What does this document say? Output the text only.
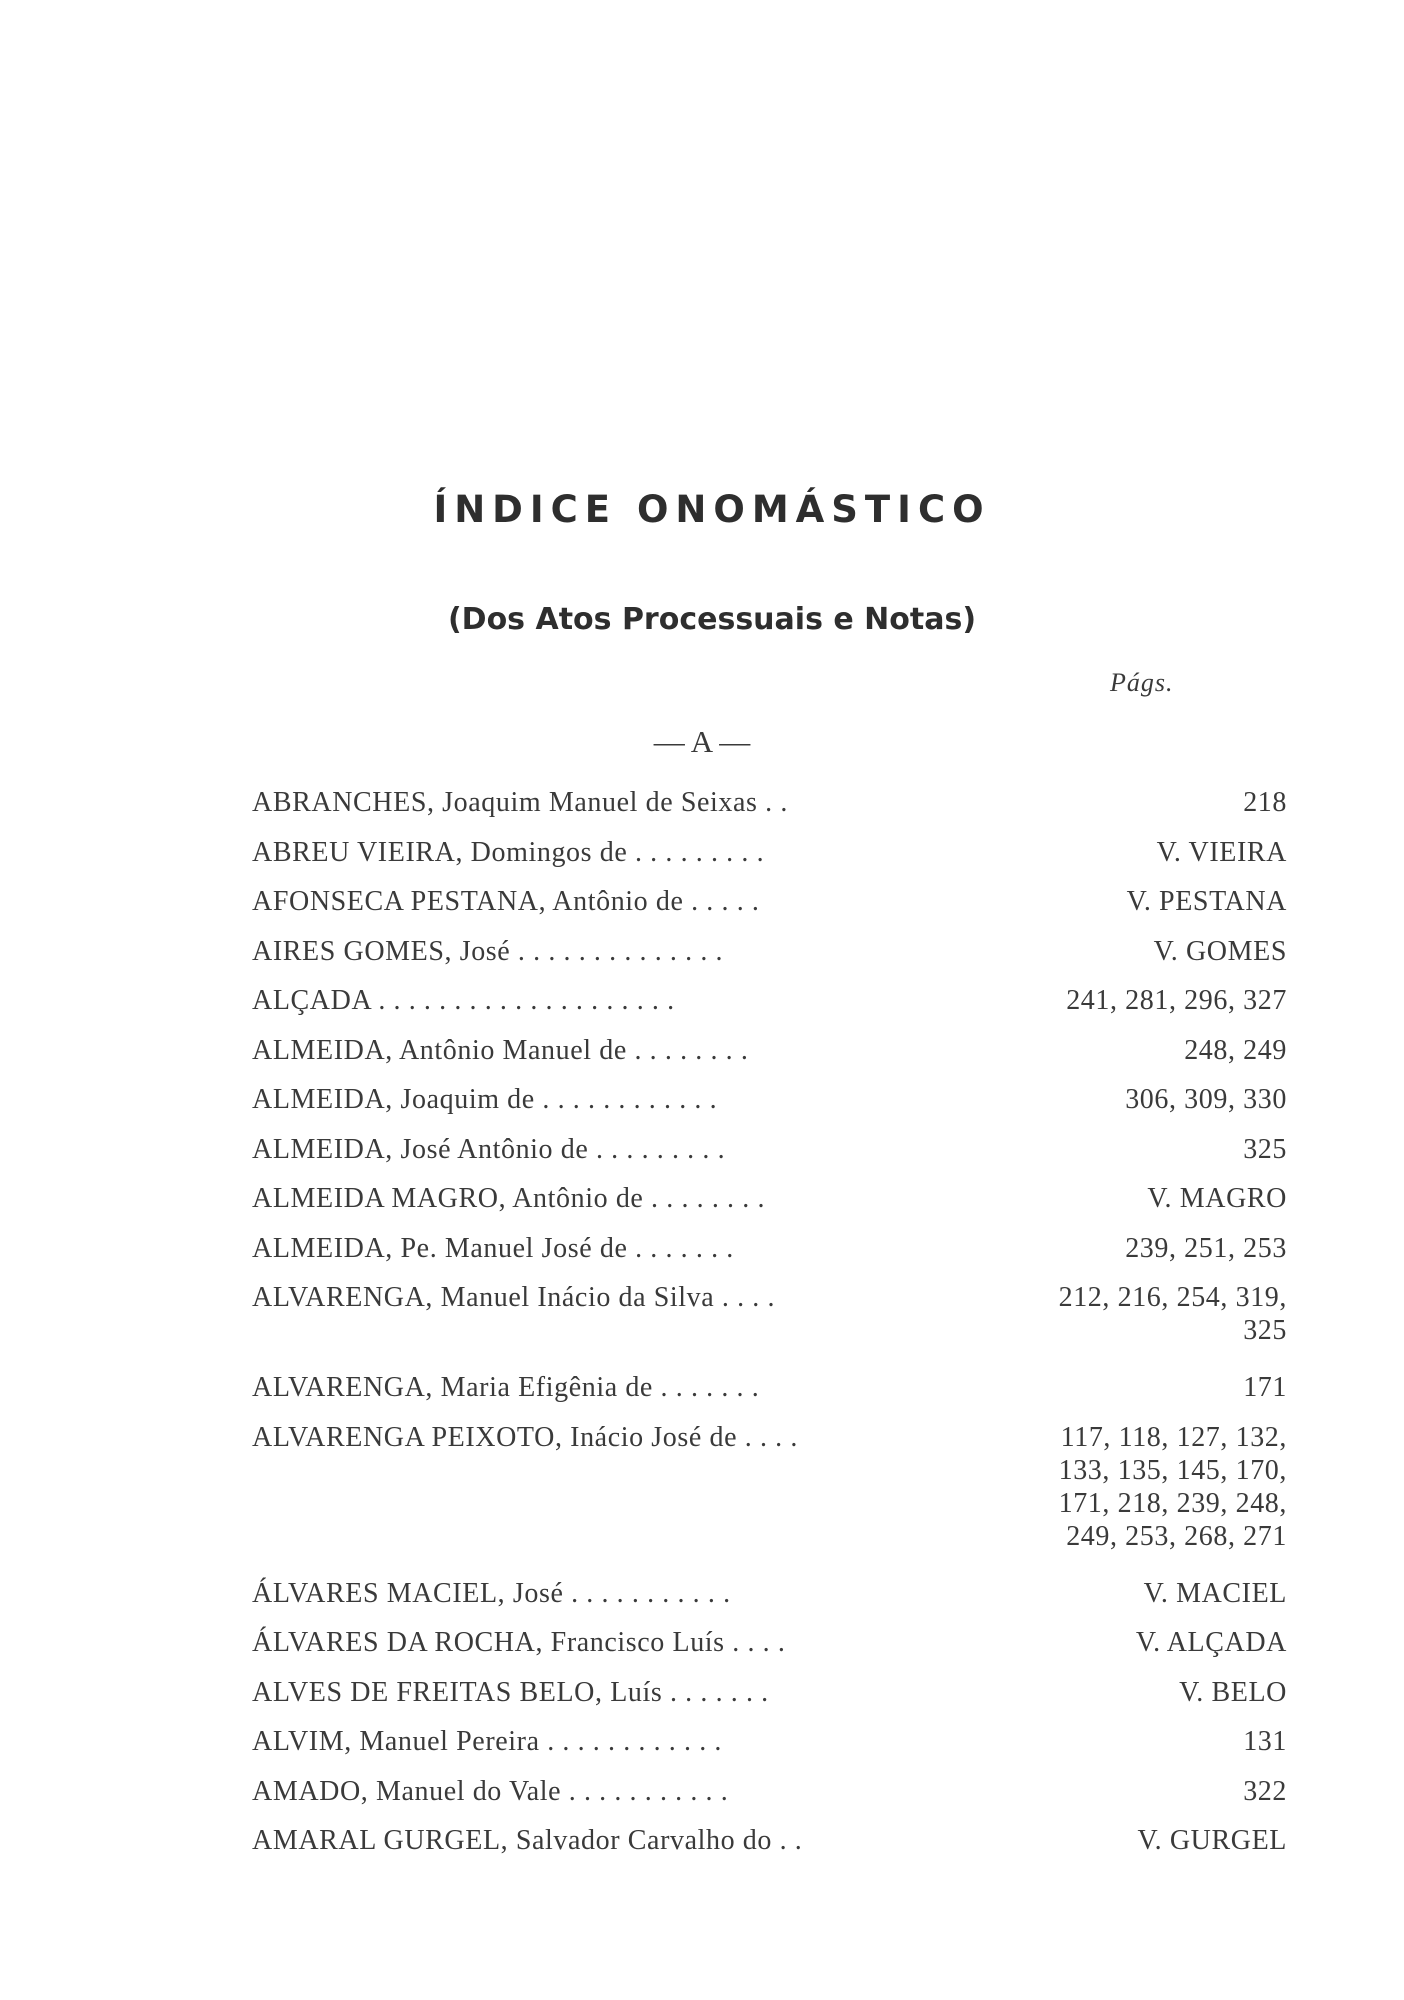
ÍNDICE ONOMÁSTICO
(Dos Atos Processuais e Notas)
Págs.
— A —
ABRANCHES, Joaquim Manuel de Seixas . .	218
ABREU VIEIRA, Domingos de . . . . . . . . .	V. VIEIRA
AFONSECA PESTANA, Antônio de . . . . .	V. PESTANA
AIRES GOMES, José . . . . . . . . . . . . . .	V. GOMES
ALÇADA . . . . . . . . . . . . . . . . . . . .	241, 281, 296, 327
ALMEIDA, Antônio Manuel de . . . . . . . .	248, 249
ALMEIDA, Joaquim de . . . . . . . . . . . .	306, 309, 330
ALMEIDA, José Antônio de . . . . . . . . .	325
ALMEIDA MAGRO, Antônio de . . . . . . . .	V. MAGRO
ALMEIDA, Pe. Manuel José de . . . . . . .	239, 251, 253
ALVARENGA, Manuel Inácio da Silva . . . .	212, 216, 254, 319,
325
ALVARENGA, Maria Efigênia de . . . . . . .	171
ALVARENGA PEIXOTO, Inácio José de . . . .	117, 118, 127, 132,
133, 135, 145, 170,
171, 218, 239, 248,
249, 253, 268, 271
ÁLVARES MACIEL, José . . . . . . . . . . .	V. MACIEL
ÁLVARES DA ROCHA, Francisco Luís . . . .	V. ALÇADA
ALVES DE FREITAS BELO, Luís . . . . . . .	V. BELO
ALVIM, Manuel Pereira . . . . . . . . . . . .	131
AMADO, Manuel do Vale . . . . . . . . . . .	322
AMARAL GURGEL, Salvador Carvalho do . .	V. GURGEL
